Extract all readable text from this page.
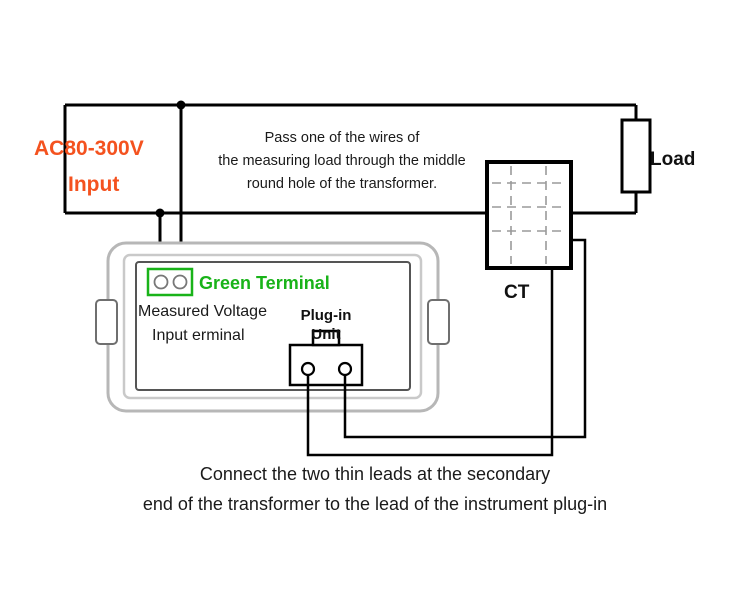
AC80-300V
Input
Load
CT
Green Terminal
Measured Voltage
Input erminal
Plug-in
Unit
Pass one of the wires of
the measuring load through the middle
round hole of the transformer.
Connect the two thin leads at the secondary
end of the transformer to the lead of the instrument plug-in
